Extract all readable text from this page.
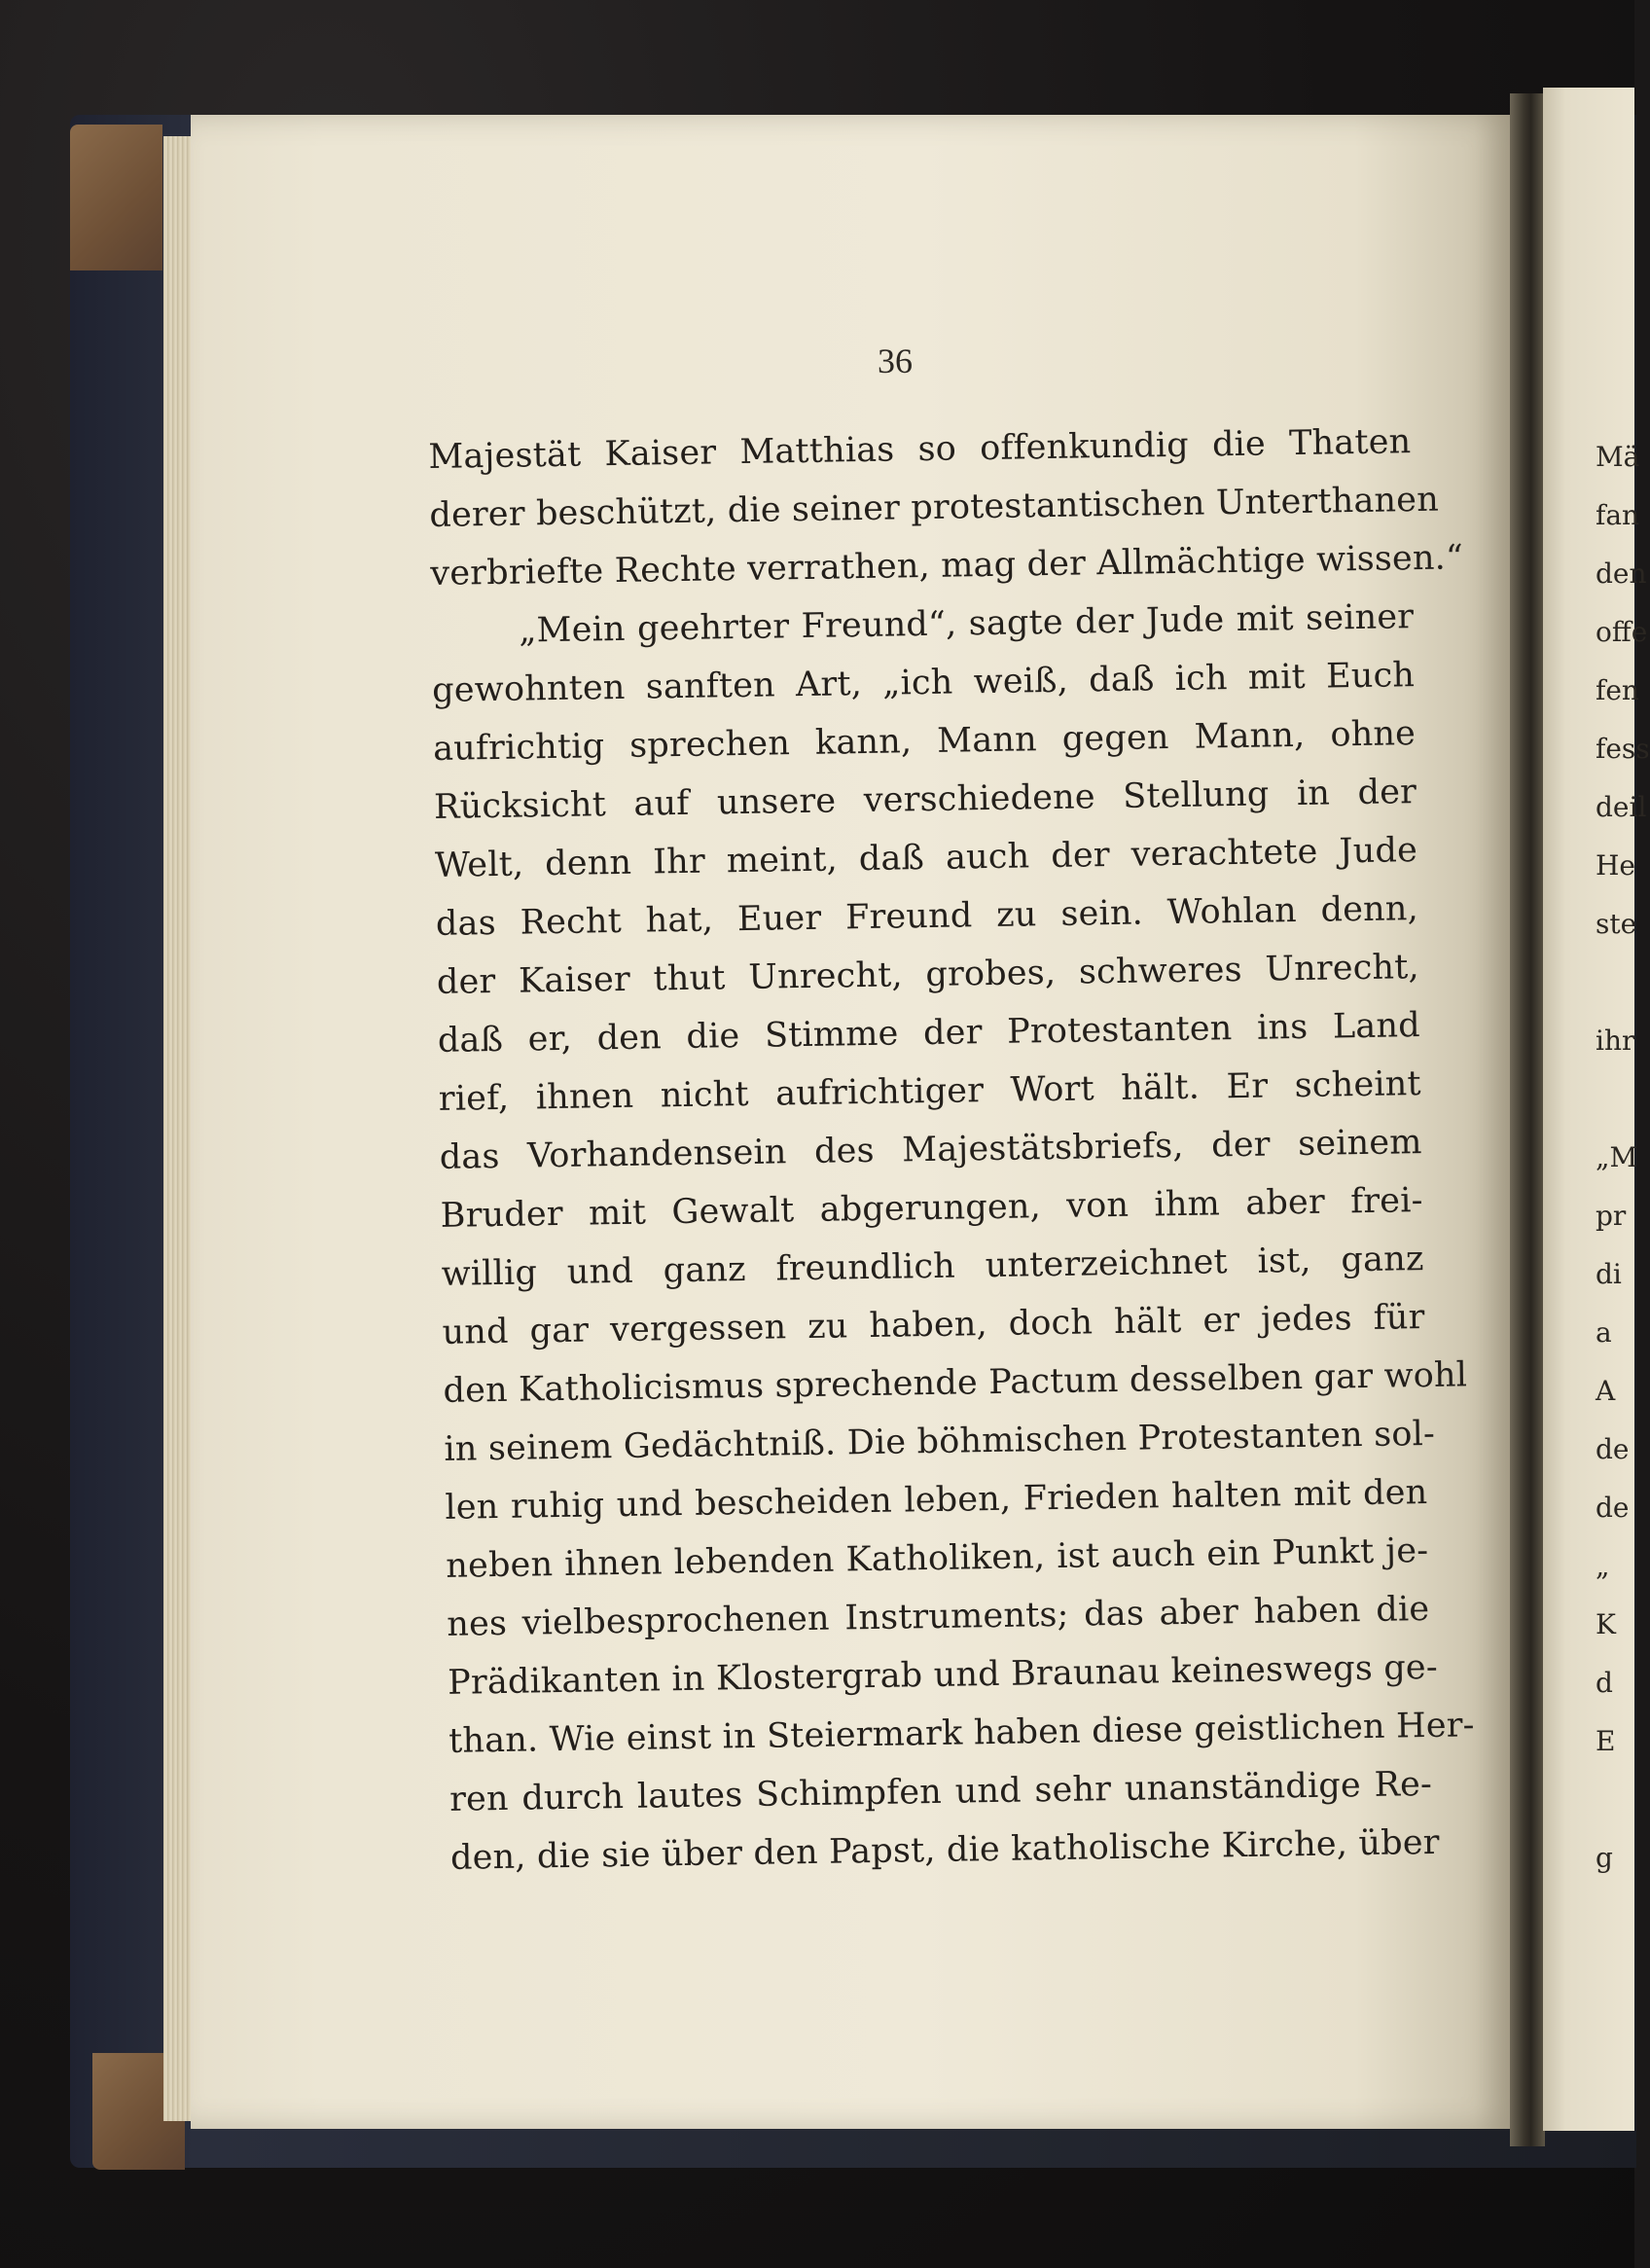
36
Majestät Kaiser Matthias so offenkundig die Thaten
derer beschützt, die seiner protestantischen Unterthanen
verbriefte Rechte verrathen, mag der Allmächtige wissen.“
„Mein geehrter Freund“, sagte der Jude mit seiner
gewohnten sanften Art, „ich weiß, daß ich mit Euch
aufrichtig sprechen kann, Mann gegen Mann, ohne
Rücksicht auf unsere verschiedene Stellung in der
Welt, denn Ihr meint, daß auch der verachtete Jude
das Recht hat, Euer Freund zu sein. Wohlan denn,
der Kaiser thut Unrecht, grobes, schweres Unrecht,
daß er, den die Stimme der Protestanten ins Land
rief, ihnen nicht aufrichtiger Wort hält. Er scheint
das Vorhandensein des Majestätsbriefs, der seinem
Bruder mit Gewalt abgerungen, von ihm aber frei-
willig und ganz freundlich unterzeichnet ist, ganz
und gar vergessen zu haben, doch hält er jedes für
den Katholicismus sprechende Pactum desselben gar wohl
in seinem Gedächtniß. Die böhmischen Protestanten sol-
len ruhig und bescheiden leben, Frieden halten mit den
neben ihnen lebenden Katholiken, ist auch ein Punkt je-
nes vielbesprochenen Instruments; das aber haben die
Prädikanten in Klostergrab und Braunau keineswegs ge-
than. Wie einst in Steiermark haben diese geistlichen Her-
ren durch lautes Schimpfen und sehr unanständige Re-
den, die sie über den Papst, die katholische Kirche, über
Mä
fan
den
offe
fen
fess
deil
He
ste
ihr
„M
pr
di
a
A
de
de
„
K
d
E
g
